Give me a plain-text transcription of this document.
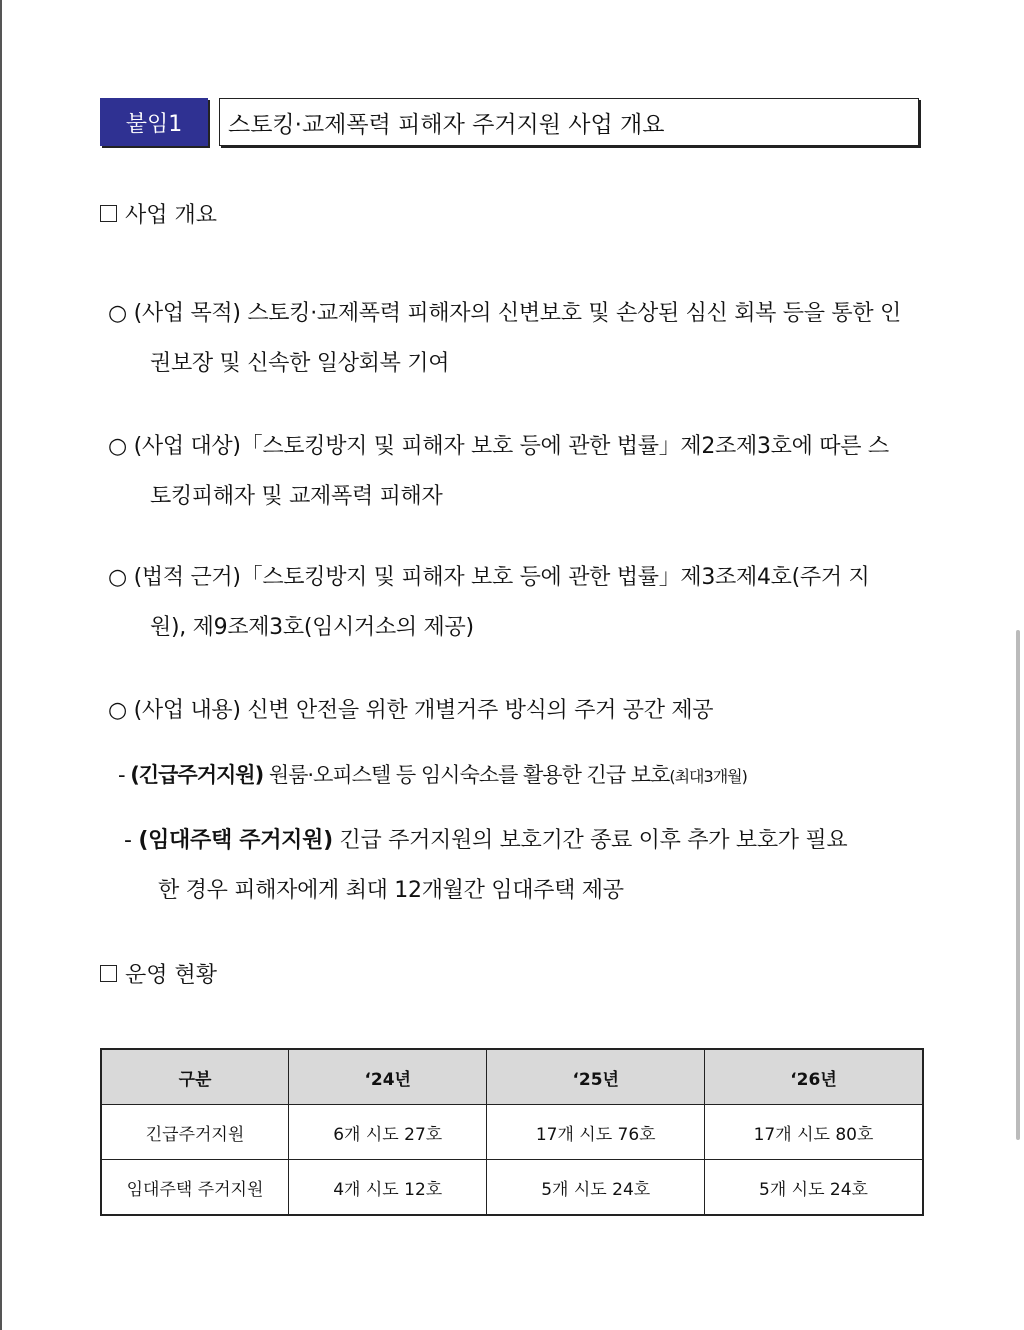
붙임1	스토킹·교제폭력 피해자 주거지원 사업 개요
사업 개요
○ (사업 목적) 스토킹·교제폭력 피해자의 신변보호 및 손상된 심신 회복 등을 통한 인
권보장 및 신속한 일상회복 기여
○ (사업 대상)「스토킹방지 및 피해자 보호 등에 관한 법률」제2조제3호에 따른 스
토킹피해자 및 교제폭력 피해자
○ (법적 근거)「스토킹방지 및 피해자 보호 등에 관한 법률」제3조제4호(주거 지
원), 제9조제3호(임시거소의 제공)
○ (사업 내용) 신변 안전을 위한 개별거주 방식의 주거 공간 제공
- (긴급주거지원) 원룸·오피스텔 등 임시숙소를 활용한 긴급 보호(최대3개월)
- (임대주택 주거지원) 긴급 주거지원의 보호기간 종료 이후 추가 보호가 필요
한 경우 피해자에게 최대 12개월간 임대주택 제공
운영 현황
구분	‘24년	‘25년	‘26년
긴급주거지원	6개 시도 27호	17개 시도 76호	17개 시도 80호
임대주택 주거지원	4개 시도 12호	5개 시도 24호	5개 시도 24호
